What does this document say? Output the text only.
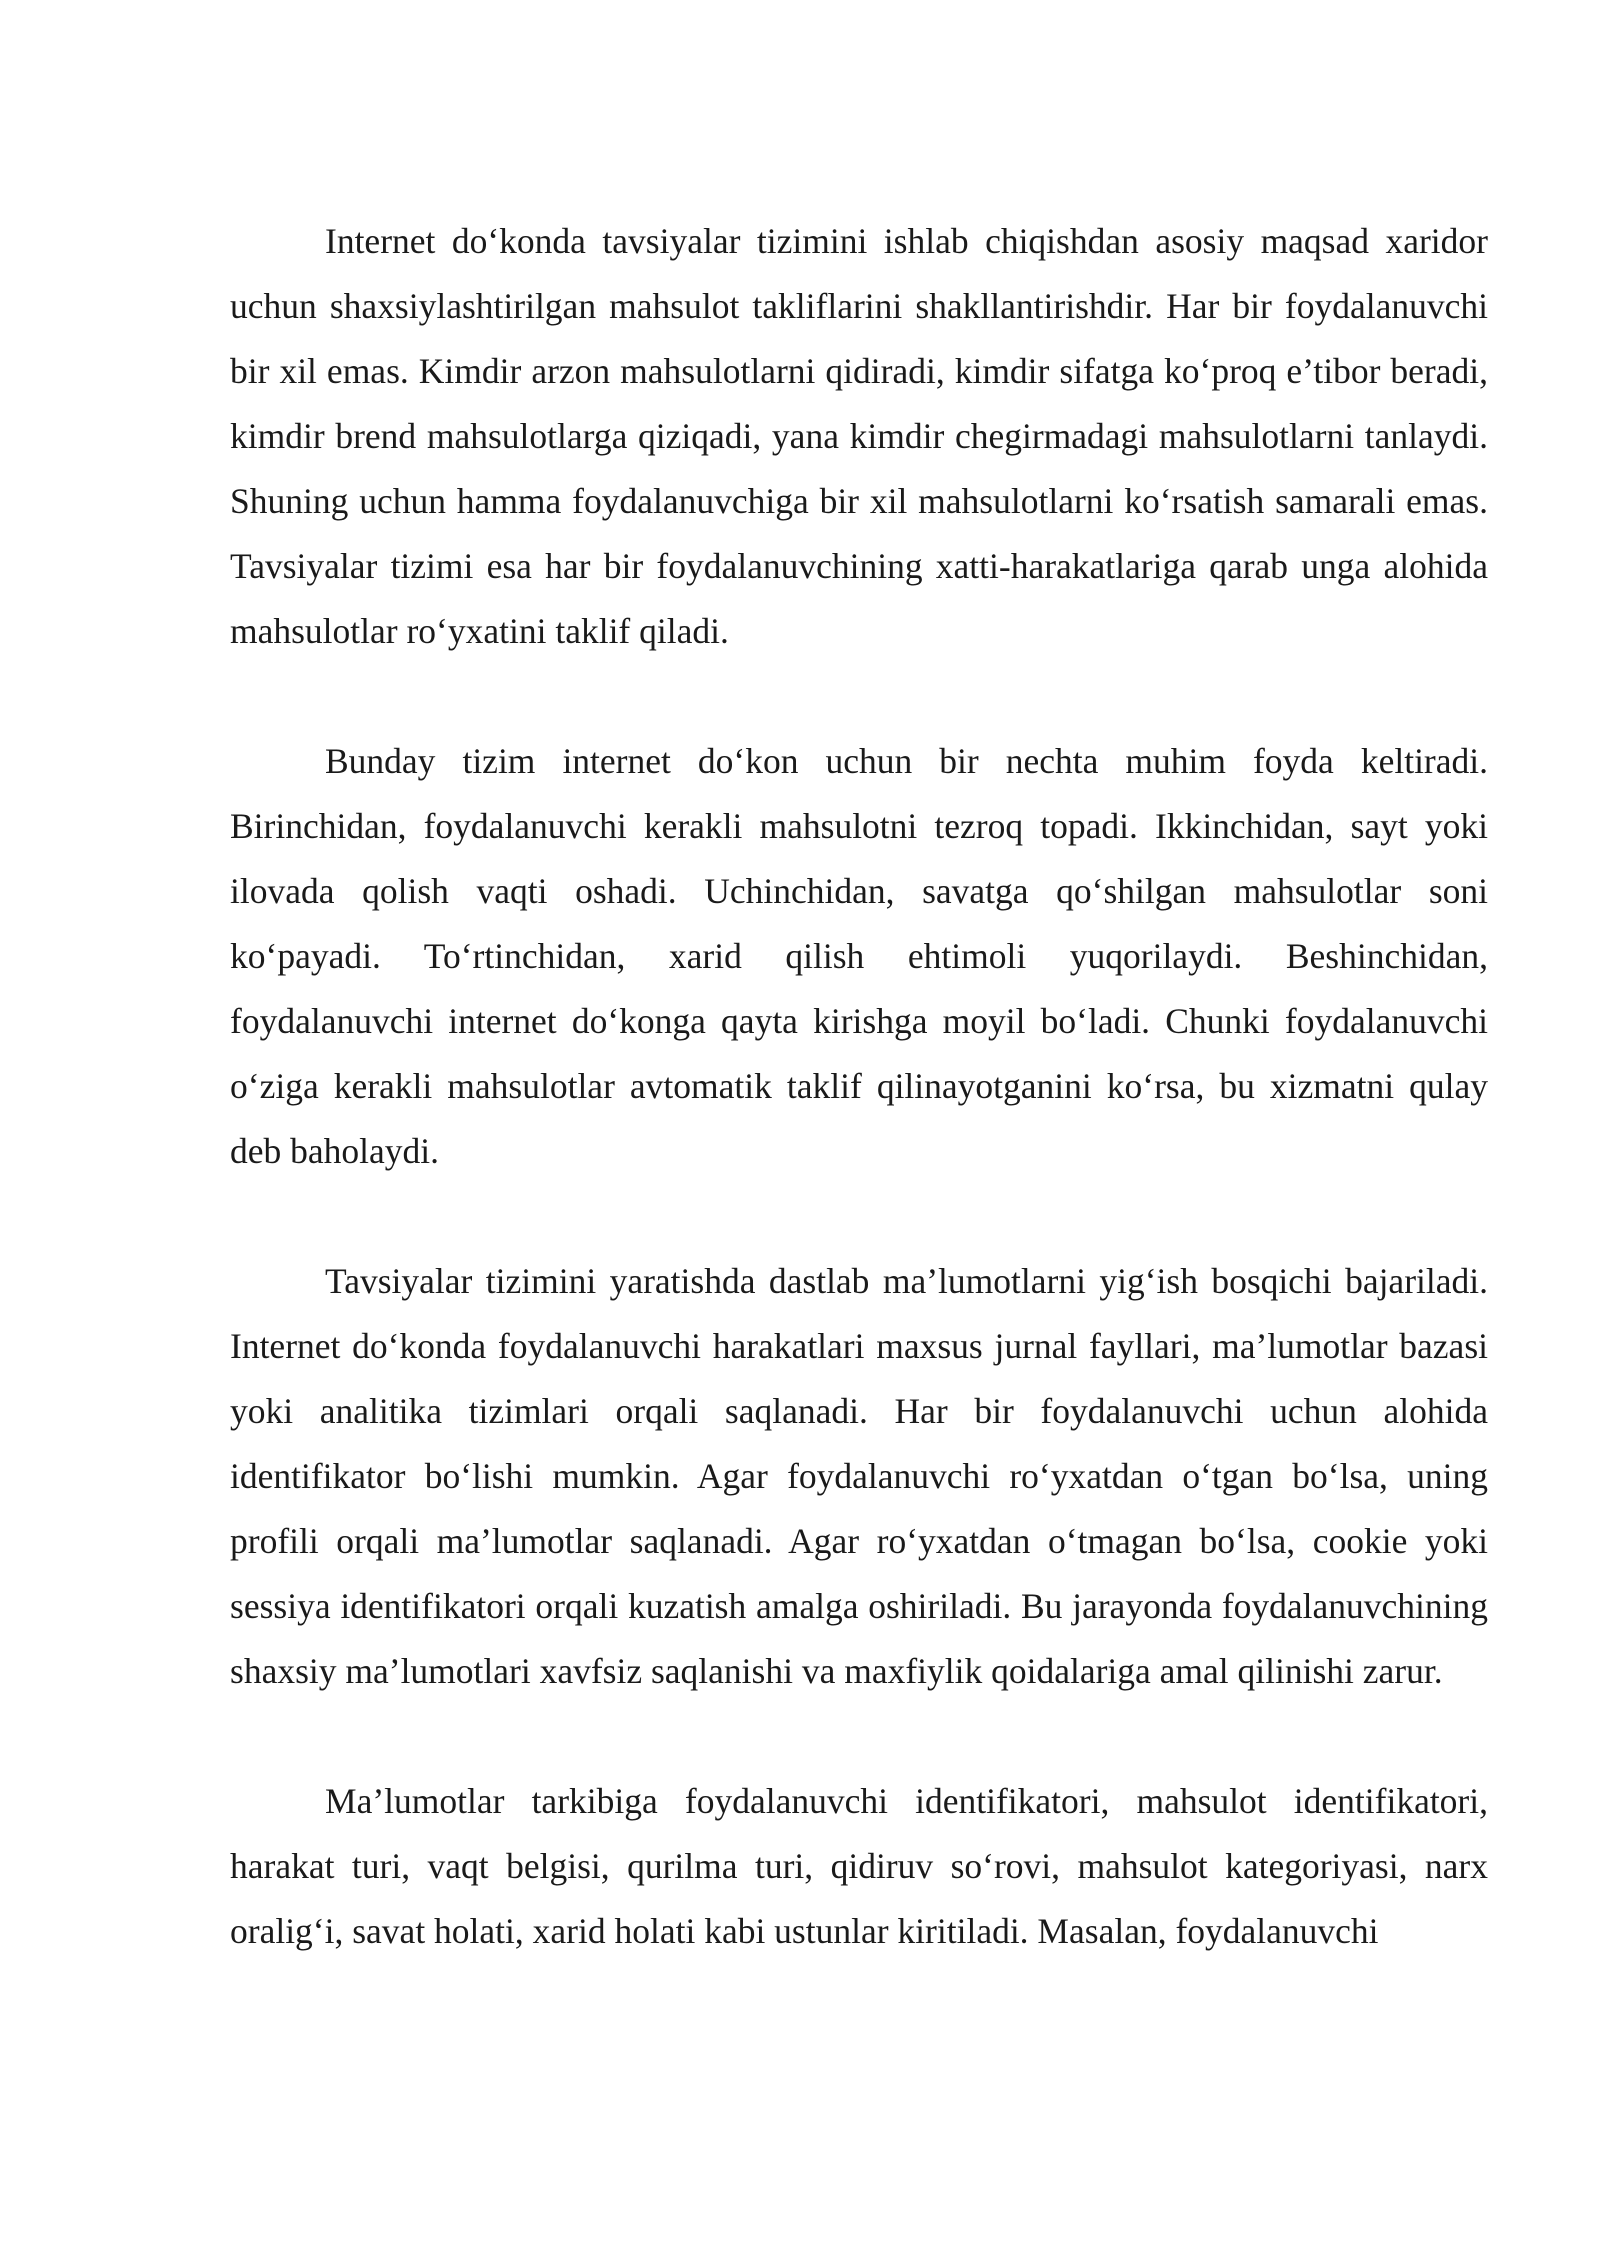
Internet do‘konda tavsiyalar tizimini ishlab chiqishdan asosiy maqsad xaridor uchun shaxsiylashtirilgan mahsulot takliflarini shakllantirishdir. Har bir foydalanuvchi bir xil emas. Kimdir arzon mahsulotlarni qidiradi, kimdir sifatga ko‘proq e’tibor beradi, kimdir brend mahsulotlarga qiziqadi, yana kimdir chegirmadagi mahsulotlarni tanlaydi. Shuning uchun hamma foydalanuvchiga bir xil mahsulotlarni ko‘rsatish samarali emas. Tavsiyalar tizimi esa har bir foydalanuvchining xatti-harakatlariga qarab unga alohida mahsulotlar ro‘yxatini taklif qiladi.

Bunday tizim internet do‘kon uchun bir nechta muhim foyda keltiradi. Birinchidan, foydalanuvchi kerakli mahsulotni tezroq topadi. Ikkinchidan, sayt yoki ilovada qolish vaqti oshadi. Uchinchidan, savatga qo‘shilgan mahsulotlar soni ko‘payadi. To‘rtinchidan, xarid qilish ehtimoli yuqorilaydi. Beshinchidan, foydalanuvchi internet do‘konga qayta kirishga moyil bo‘ladi. Chunki foydalanuvchi o‘ziga kerakli mahsulotlar avtomatik taklif qilinayotganini ko‘rsa, bu xizmatni qulay deb baholaydi.

Tavsiyalar tizimini yaratishda dastlab ma’lumotlarni yig‘ish bosqichi bajariladi. Internet do‘konda foydalanuvchi harakatlari maxsus jurnal fayllari, ma’lumotlar bazasi yoki analitika tizimlari orqali saqlanadi. Har bir foydalanuvchi uchun alohida identifikator bo‘lishi mumkin. Agar foydalanuvchi ro‘yxatdan o‘tgan bo‘lsa, uning profili orqali ma’lumotlar saqlanadi. Agar ro‘yxatdan o‘tmagan bo‘lsa, cookie yoki sessiya identifikatori orqali kuzatish amalga oshiriladi. Bu jarayonda foydalanuvchining shaxsiy ma’lumotlari xavfsiz saqlanishi va maxfiylik qoidalariga amal qilinishi zarur.

Ma’lumotlar tarkibiga foydalanuvchi identifikatori, mahsulot identifikatori, harakat turi, vaqt belgisi, qurilma turi, qidiruv so‘rovi, mahsulot kategoriyasi, narx oralig‘i, savat holati, xarid holati kabi ustunlar kiritiladi. Masalan, foydalanuvchi
